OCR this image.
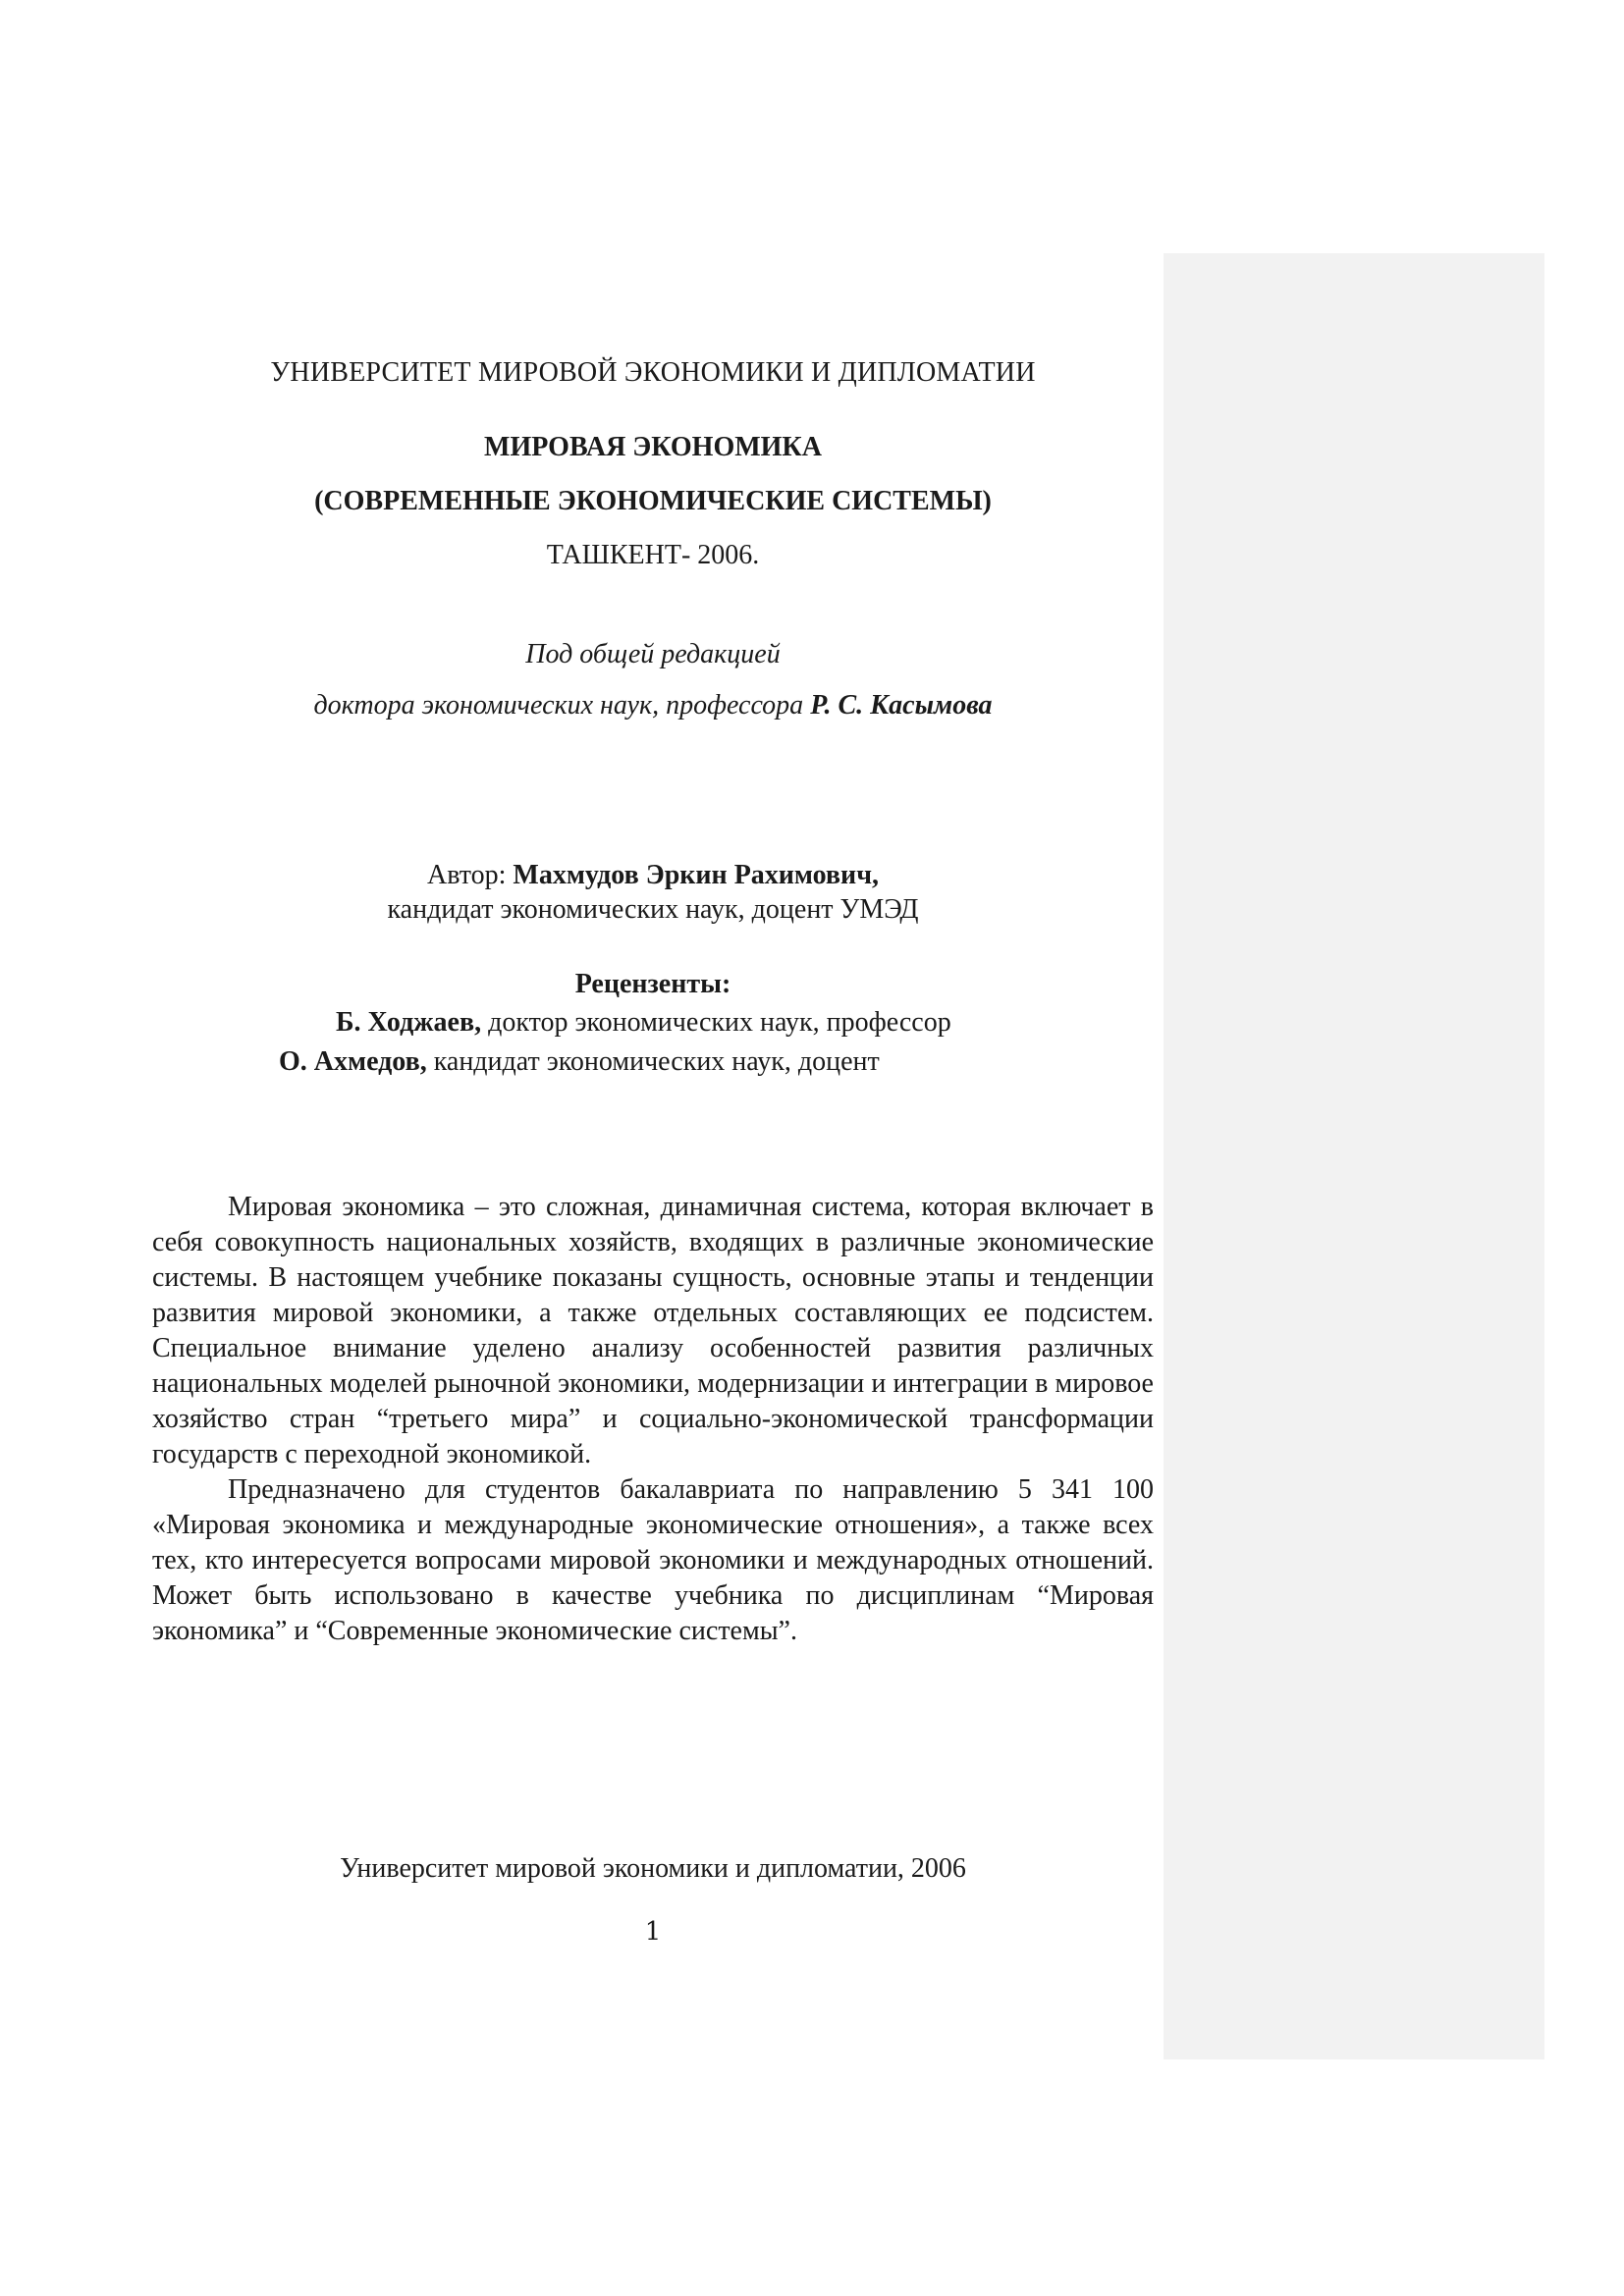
УНИВЕРСИТЕТ МИРОВОЙ ЭКОНОМИКИ И ДИПЛОМАТИИ

МИРОВАЯ ЭКОНОМИКА

(СОВРЕМЕННЫЕ ЭКОНОМИЧЕСКИЕ СИСТЕМЫ)

ТАШКЕНТ- 2006.

Под общей редакцией

доктора экономических наук, профессора Р. С. Касымова

Автор: Махмудов Эркин Рахимович,

кандидат экономических наук, доцент УМЭД

Рецензенты:

Б. Ходжаев, доктор экономических наук, профессор

О. Ахмедов, кандидат экономических наук, доцент

Мировая экономика – это сложная, динамичная система, которая включает в себя совокупность национальных хозяйств, входящих в различные экономические системы. В настоящем учебнике показаны сущность, основные этапы и тенденции развития мировой экономики, а также отдельных составляющих ее подсистем. Специальное внимание уделено анализу особенностей развития различных национальных моделей рыночной экономики, модернизации и интеграции в мировое хозяйство стран “третьего мира” и социально-экономической трансформации государств с переходной экономикой.

Предназначено для студентов бакалавриата по направлению 5 341 100 «Мировая экономика и международные экономические отношения», а также всех тех, кто интересуется вопросами мировой экономики и международных отношений. Может быть использовано в качестве учебника по дисциплинам “Мировая экономика” и “Современные экономические системы”.

Университет мировой экономики и дипломатии, 2006

1
